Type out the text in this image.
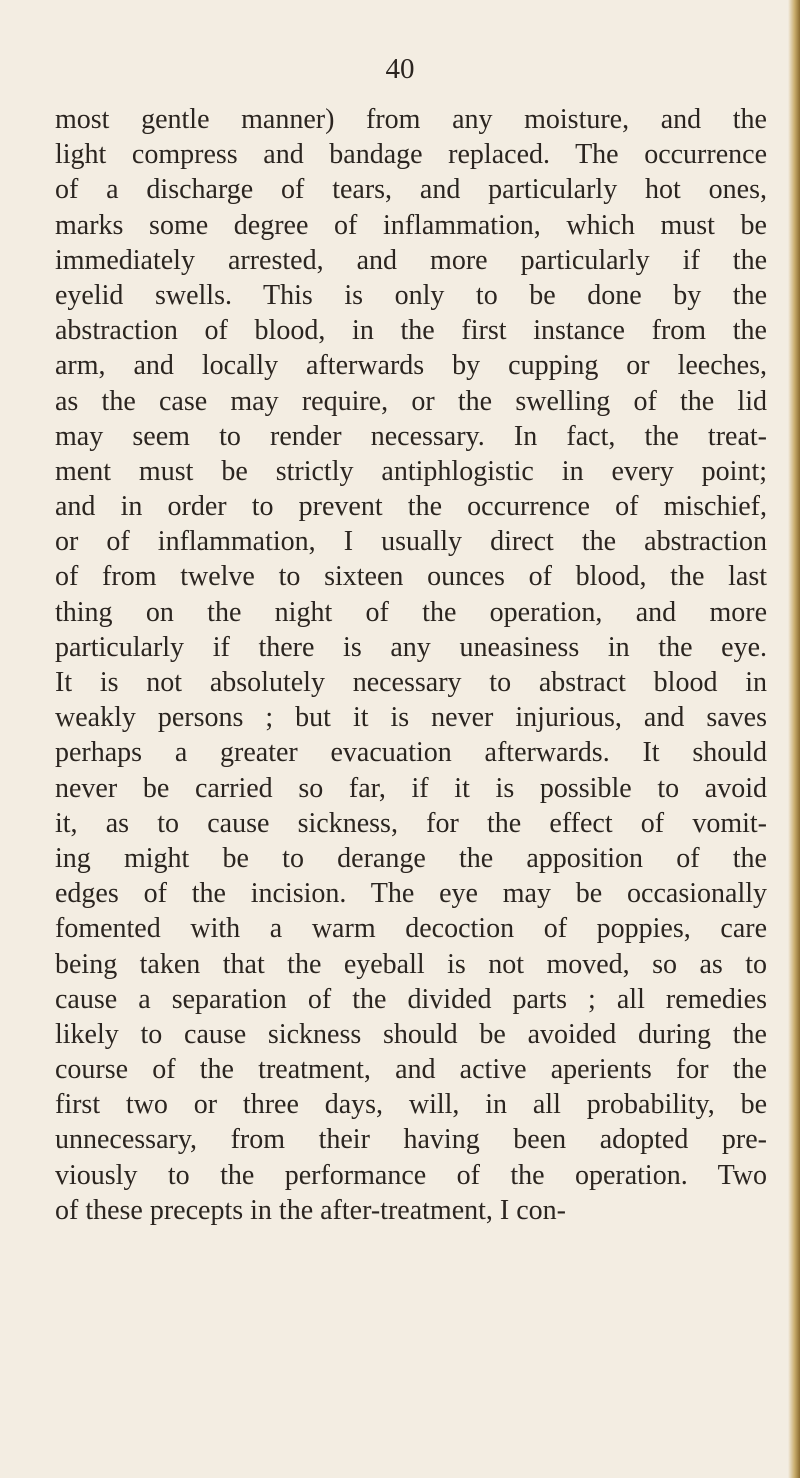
40
most gentle manner) from any moisture, and the
light compress and bandage replaced. The occurrence
of a discharge of tears, and particularly hot ones,
marks some degree of inflammation, which must be
immediately arrested, and more particularly if the
eyelid swells. This is only to be done by the
abstraction of blood, in the first instance from the
arm, and locally afterwards by cupping or leeches,
as the case may require, or the swelling of the lid
may seem to render necessary. In fact, the treat-
ment must be strictly antiphlogistic in every point;
and in order to prevent the occurrence of mischief,
or of inflammation, I usually direct the abstraction
of from twelve to sixteen ounces of blood, the last
thing on the night of the operation, and more
particularly if there is any uneasiness in the eye.
It is not absolutely necessary to abstract blood in
weakly persons ; but it is never injurious, and saves
perhaps a greater evacuation afterwards. It should
never be carried so far, if it is possible to avoid
it, as to cause sickness, for the effect of vomit-
ing might be to derange the apposition of the
edges of the incision. The eye may be occasionally
fomented with a warm decoction of poppies, care
being taken that the eyeball is not moved, so as to
cause a separation of the divided parts ; all remedies
likely to cause sickness should be avoided during the
course of the treatment, and active aperients for the
first two or three days, will, in all probability, be
unnecessary, from their having been adopted pre-
viously to the performance of the operation. Two
of these precepts in the after-treatment, I con-
